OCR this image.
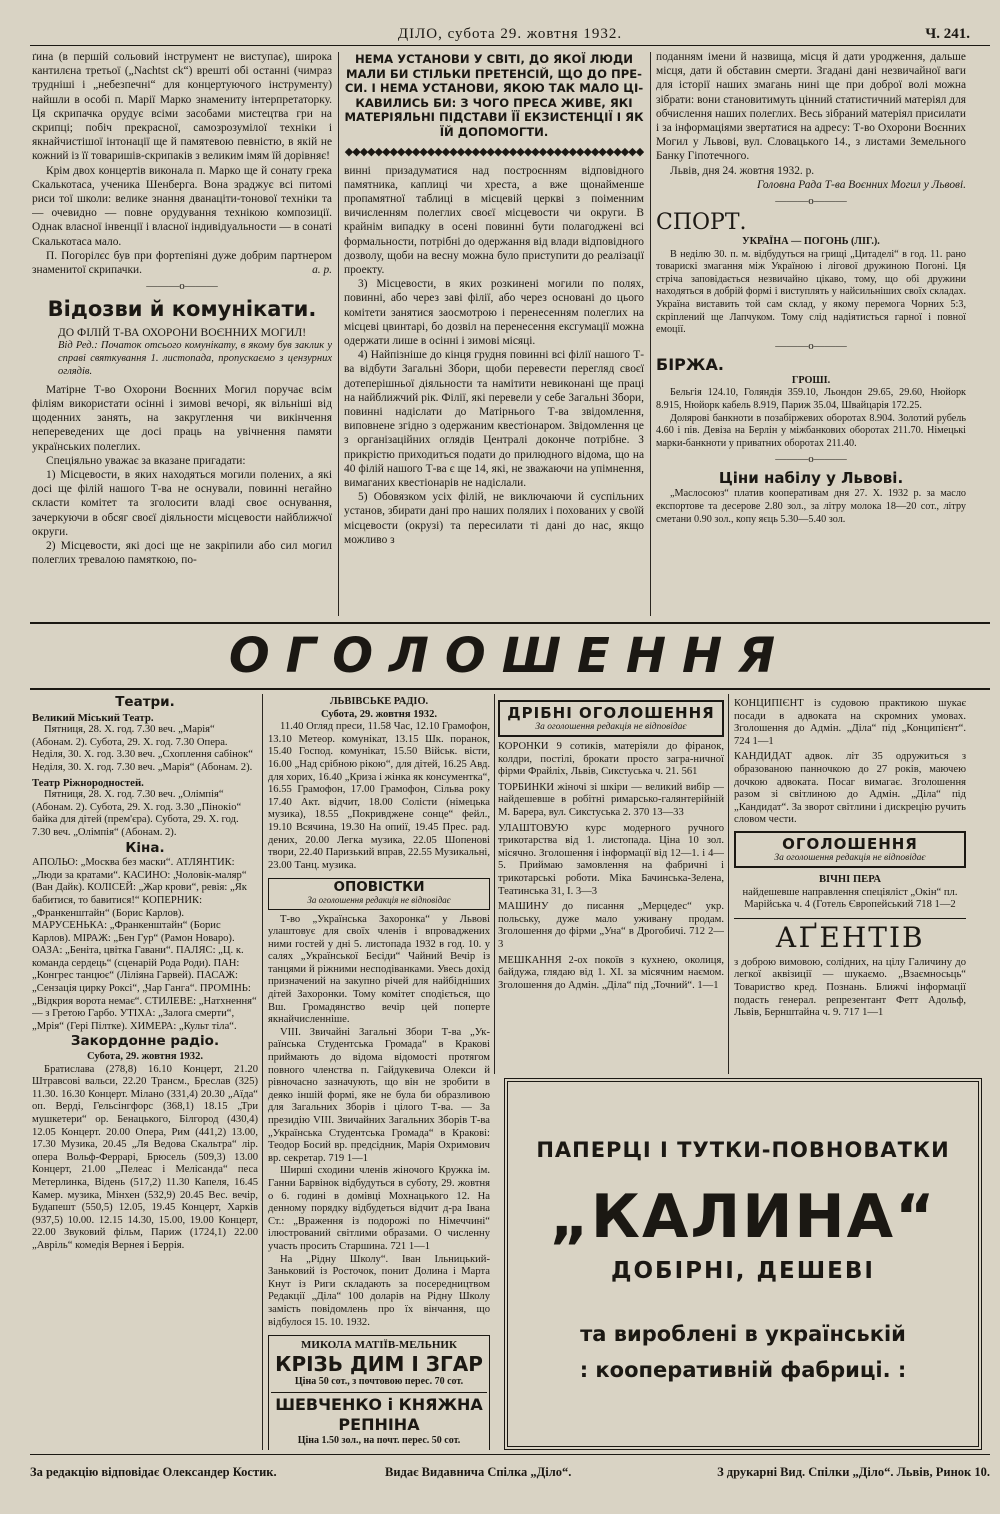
ДІЛО, субота 29. жовтня 1932.	Ч. 241.

ґина (в першій сольовий інструмент не виступає), широка кантилєна третьої („Nachtst ck“) врешті обі останні (чимраз трудніші і „небезпечні“ для концертуючого інструменту) найшли в особі п. Марії Марко знаменитy інтерпретаторку. Ця скрипачка орудує всіми засобами мистецтва гри на скрипці; побіч прекрасної, самозрозумілої техніки і якнайчистішої інтонації ще й памятевою певністю, в якій не кожний із її товаришів-скрипаків з великим імям їй дорівняє!

Крім двох концертів виконала п. Марко ще й сонату грека Скалькотаса, ученика Шенберга. Вона зраджує всі питомі риси тої школи: велике знання дванаціти-тонової техніки та — очевидно — повне opудування технікою композиції. Однак власної інвенції і власної індивідуальности — в сонаті Скалькотаса мало.

П. Погорілєс був при фортепіяні дуже добрим партнером знаменитої скрипачки.	а. р.
———o———
Відозви й комунікати.
ДО ФІЛІЙ Т-ВА ОХОРОНИ ВОЄННИХ МОГИЛ!
Від Ред.: Початок отсього комунікату, в якому був заклик у справі святкування 1. листопада, пропускаємо з цензурних оглядів.

Матірне Т-во Охорони Воєнних Могил поручає всім філіям використати осінні і зимові вечорі, як вільніші від щоденних занять, на закруглення чи викінчення непереведених ще досі праць на увічнення памяти українських полеглих.

Спеціяльно уважає за вказане пригадати:

1) Місцевости, в яких находяться могили полених, а які досі ще філій нашого Т-ва не оснували, повинні негайно скласти комітет та зголосити владі своє оснування, зачеркуючи в обсяг своєї діяльности місцевости найближчої округи.

2) Місцевости, які досі ще не закріпили або сил могил полеглих тревалою памяткою, по-

НЕМА УСТАНОВИ У СВІТІ, ДО ЯКОЇ ЛЮДИ МАЛИ БИ СТІЛЬКИ ПРЕТЕНСІЙ, ЩО ДО ПРЕСИ. І НЕМА УСТАНОВИ, ЯКОЮ ТАК МАЛО ЦІКАВИЛИСЬ БИ: З ЧОГО ПРЕСА ЖИВЕ, ЯКІ МАТЕРІЯЛЬНІ ПІДСТАВИ ЇЇ ЕКЗИСТЕНЦІЇ І ЯК ЇЙ ДОПОМОГТИ.
◆◆◆◆◆◆◆◆◆◆◆◆◆◆◆◆◆◆◆◆◆◆◆◆◆◆◆◆◆◆◆◆◆◆◆◆◆◆◆◆

винні призадуматися над построєнням відповідного памятника, каплиці чи хреста, а вже щонайменше пропамятної таблиці в місцевій церкві з поіменним вичисленням полеглих своєї місцевости чи округи. В крайнім випадку в осені повинні бути полагоджені всі формальности, потрібні до одержання від влади відповідного дозволу, щоби на весну можна було приступити до реалізації проекту.

3) Місцевости, в яких розкинені могили по полях, повинні, або через заві філії, або через основані до цього комітети занятися заосмотрою і перенесенням полеглих на місцеві цвинтарі, бо дозвіл на перенесення ексгумації можна одержати лише в осінні і зимові місяці.

4) Найпізніше до кінця грудня повинні всі філії нашого Т-ва відбути Загальні Збори, щоби перевести перегляд своєї дотеперішньої діяльности та намітити невиконані ще праці на найближчий рік. Філії, які перевели у себе Загальні Збори, повинні надіслати до Матірнього Т-ва звідомлення, виповнене згідно з одержаним квестіонаром. Звідомлення це з організаційних оглядів Централі доконче потрібне. З прикрістю приходиться подати до прилюдного відома, що на 40 філій нашого Т-ва є ще 14, які, не зважаючи на упімнення, вимаганих квестіонарів не надіслали.

5) Обовязком усіх філій, не виключаючи й суспільних установ, збирати дані про наших полялих і похованих у своїй місцевости (окрузі) та пересилати ті дані до нас, якщо можливо з

поданням імени й назвища, місця й дати уродження, дальше місця, дати й обставин смерти. Згадані дані незвичайної ваги для історії наших змагань нині ще при доброї волі можна зібрати: вони становитимуть цінний статистичний матеріял для обчислення наших полеглих. Весь зібраний матеріял присилати і за інформаціями звертатися на адресу: Т-во Охорони Воєнних Могил у Львові, вул. Словацького 14., з листами Земельного Банку Гіпотечного.

Львів, дня 24. жовтня 1932. р.
Головна Рада Т-ва Воєнних Могил у Львові.
———o———
СПОРТ.
УКРАЇНА — ПОГОНЬ (ЛІГ.).

В неділю 30. п. м. відбудуться на грищі „Цитаделі“ в год. 11. рано товарискі змагання між Україною і лігової дружиною Погоні. Ця стріча заповідається незвичайно цікаво, тому, що обі дружини находяться в добрій формі і виступлять у найсильніших своїх складах. Україна виставить той сам склад, у якому перемога Чорних 5:3, скріплений ще Лапчуком. Тому слід надіятисться гарної і повної емоції.

———o———
БІРЖА.
ГРОШІ.

Бельгія 124.10, Голяндія 359.10, Льондон 29.65, 29.60, Нюйорк 8.915, Нюйорк кабель 8.919, Париж 35.04, Швайцарія 172.25.

Долярові банкноти в позабіржевих оборотах 8.904. Золотий рубель 4.60 і пів. Девіза на Берлін у міжбанкових оборотах 211.70. Німецькі марки-банкноти у приватних оборотах 211.40.

———o———
Ціни набілу у Львові.

„Маслосоюз“ платив кооперативам дня 27. X. 1932 р. за масло експортове та десерове 2.80 зол., за літру молока 18—20 сот., літру сметани 0.90 зол., копу яєць 5.30—5.40 зол.

ОГОЛОШЕННЯ
Театри.
Великий Міський Театр.
Пятниця, 28. X. год. 7.30 веч. „Марія“ (Абонам. 2). Субота, 29. X. год. 7.30 Опера. Неділя, 30. X. год. 3.30 веч. „Схоплення сабінок“ Неділя, 30. X. год. 7.30 веч. „Марія“ (Абонам. 2).
Театр Ріжнородностей.
Пятниця, 28. X. год. 7.30 веч. „Олімпія“ (Абонам. 2). Субота, 29. X. год. 3.30 „Пінокіо“ байка для дітей (прем'єра). Субота, 29. X. год. 7.30 веч. „Олімпія“ (Абонам. 2).
Кіна.
АПОЛЬО: „Москва без маски“. АТЛЯНТИК: „Люди за кратами“. КАСИНО: „Чоловік-маляр“ (Ван Дайк). КОЛІСЕЙ: „Жар крови“, ревія: „Як бабитися, то бавитися!“ КОПЕРНИК: „Франкенштайн“ (Борис Карлов). МАРУСЕНЬКА: „Франкенштайн“ (Борис Карлов). МІРАЖ: „Бен Гур“ (Рамон Новаро). ОАЗА: „Беніта, цвітка Гавани“. ПАЛЯС: „Ц. к. команда сердець“ (сценарій Рода Роди). ПАН: „Конгрес танцює“ (Ліліяна Гарвей). ПАСАЖ: „Сензація цирку Роксі“, „Чар Ганга“. ПРОМІНЬ: „Відкрия ворота немає“. СТИЛЕВЕ: „Натхнення“ — з Гретою Гарбо. УТІХА: „Залога смерти“, „Мрія“ (Гері Пілтке). ХИМЕРА: „Культ тіла“.
Закордонне радіо.
Субота, 29. жовтня 1932.
Братислава (278,8) 16.10 Концерт, 21.20 Штравсові вальси, 22.20 Трансм., Бреслав (325) 11.30. 16.30 Концерт. Мілано (331,4) 20.30 „Аїда“ оп. Верді, Гельсінгфорс (368,1) 18.15 „Три мушкетери“ ор. Бенацького, Білгород (430,4) 12.05 Концерт. 20.00 Опера, Рим (441,2) 13.00, 17.30 Музика, 20.45 „Ля Ведова Скальтра“ лір. опера Вольф-Феррарі, Брюсель (509,3) 13.00 Концерт, 21.00 „Пелеас і Мелісанда“ песа Метерлинка, Відень (517,2) 11.30 Капеля, 16.45 Камер. музика, Мінхен (532,9) 20.45 Вес. вечір, Будапешт (550,5) 12.05, 19.45 Концерт, Харків (937,5) 10.00. 12.15 14.30, 15.00, 19.00 Концерт, 22.00 Звуковий фільм, Париж (1724,1) 22.00 „Авріль“ комедія Вернея і Беррія.
ЛЬВІВСЬКЕ РАДІО.
Субота, 29. жовтня 1932.
11.40 Огляд преси, 11.58 Час, 12.10 Грамофон, 13.10 Метеор. комунікат, 13.15 Шк. поранок, 15.40 Господ. комунікат, 15.50 Військ. вісти, 16.00 „Над срібною рікою“, для дітей, 16.25 Авд. для хорих, 16.40 „Криза і жінка як консументка“, 16.55 Грамофон, 17.00 Грамофон, Сільва року 17.40 Акт. відчит, 18.00 Солісти (німецька музика), 18.55 „Покривдженe сонце“ фейл., 19.10 Всячина, 19.30 На опиії, 19.45 Прес. рад. дених, 20.00 Легка музика, 22.05 Шопенові твори, 22.40 Паризький вправ, 22.55 Музикальні, 23.00 Танц. музика.
ОПОВІСТКИ
За оголошення редакція не відповідає
Т-во „Українська Захоронка“ у Львові улаштовує для своїх членів і впроваджених ними гостей у дні 5. листопада 1932 в год. 10. у салях „Української Бесіди“ Чайний Вечір із танцями й ріжними несподіванками. Увесь дохід призначений на закупно річей для найбідніших дітей Захоронки. Тому комітет сподіється, що Вш. Громадянство вечір цей поперте якнайчисленніше.
VIII. Звичайні Загальні Збори Т-ва „Українська Студентська Громада“ в Кракові приймають до відома відомості протягом повного членства п. Гайдукевича Олекси й рівночасно зазначують, що він не зробити в деяко іншій формі, яке не була би образливою для Загальних Зборів і цілого Т-ва. — За президію VIII. Звичайних Загальних Зборів Т-ва „Українська Студентська Громада“ в Кракові: Теодор Босий вр. предсідник, Марія Охримович вр. секретар. 719 1—1
Ширші сходини членів жіночого Кружка ім. Ганни Барвінок відбудуться в суботу, 29. жовтня о 6. годині в домівці Мохнацького 12. На денному порядку відбудеться відчит д-ра Івана Ст.: „Враження із подорожі по Німеччині“ ілюстрований світлими образами. О численну участь просить Старшина. 721 1—1
На „Рідну Школу“. Іван Ільницький-Заньковий із Росточок, понит Долина і Марта Кнут із Риги складають за посередництвом Редакції „Діла“ 100 доларів на Рідну Школу замість повідомлень про їх вінчання, що відбулося 15. 10. 1932.
МИКОЛА МАТІЇВ-МЕЛЬНИК
КРІЗЬ ДИМ І ЗГАР
Ціна 50 сот., з почтовою перес. 70 сот.
ШЕВЧЕНКО і КНЯЖНА РЕПНІНА
Ціна 1.50 зол., на почт. перес. 50 сот.
ДРІБНІ ОГОЛОШЕННЯ
За оголошення редакція не відповідає
КОРОНКИ 9 сотиків, матеріяли до фіранок, колдри, постілі, брокати просто загра-ничної фірми Фрайліх, Львів, Сикстуська ч. 21. 561
ТОРБИНКИ жіночі зі шкіри — великий вибір — найдешевше в робітні римарсько-галянтерійній М. Барера, вул. Сикстуська 2. 370 13—33
УЛАШТОВУЮ курс модерного ручного трикотарства від 1. листопада. Ціна 10 зол. місячно. Зголошення і інформації від 12—1. і 4—5. Приймаю замовлення на фабричні і трикотарські роботи. Міка Бачинська-Зелена, Театинська 31, І. 3—3
МАШИНУ до писання „Мерцедес“ укр. польську, дуже мало уживану продам. Зголошення до фірми „Уна“ в Дрогобичі. 712 2—3
МЕШКАННЯ 2-ох покоїв з кухнею, околиця, байдужа, глядаю від 1. XI. за місячним наємом. Зголошення до Адмін. „Діла“ під „Точний“. 1—1
КОНЦИПІЄНТ із судовою практикою шукає посади в адвоката на скромних умовах. Зголошення до Адмін. „Діла“ під „Конципієнт“. 724 1—1
КАНДИДАТ адвок. літ 35 одружиться з образованою панночкою до 27 років, маючею дочкою адвоката. Посаг вимагає. Зголошення разом зі світлиною до Адмін. „Діла“ під „Кандидат“. За зворот світлини і дискрецію ручить словом чести.
ОГОЛОШЕННЯ
За оголошення редакція не відповідає
ВІЧНІ ПЕРА
найдешевше направлення спеціяліст „Окін“ пл. Марійська ч. 4 (Готель Європейський 718 1—2
АҐЕНТІВ
з доброю вимовою, солідних, на цілу Галичину до легкої аквізиції — шукаємо. „Взаємносьць“ Товариство кред. Познань. Ближчі інформації подасть генерал. репрезентант Фетт Адольф, Львів, Бернштайна ч. 9. 717 1—1
ПАПЕРЦІ І ТУТКИ-ПОВНОВАТКИ
„КАЛИНА“
ДОБІРНІ, ДЕШЕВІ
та вироблені в українській
: кооперативній фабриці. :
За редакцію відповідає Олександер Костик.	Видає Видавнича Спілка „Діло“.	З друкарні Вид. Спілки „Діло“. Львів, Ринок 10.
